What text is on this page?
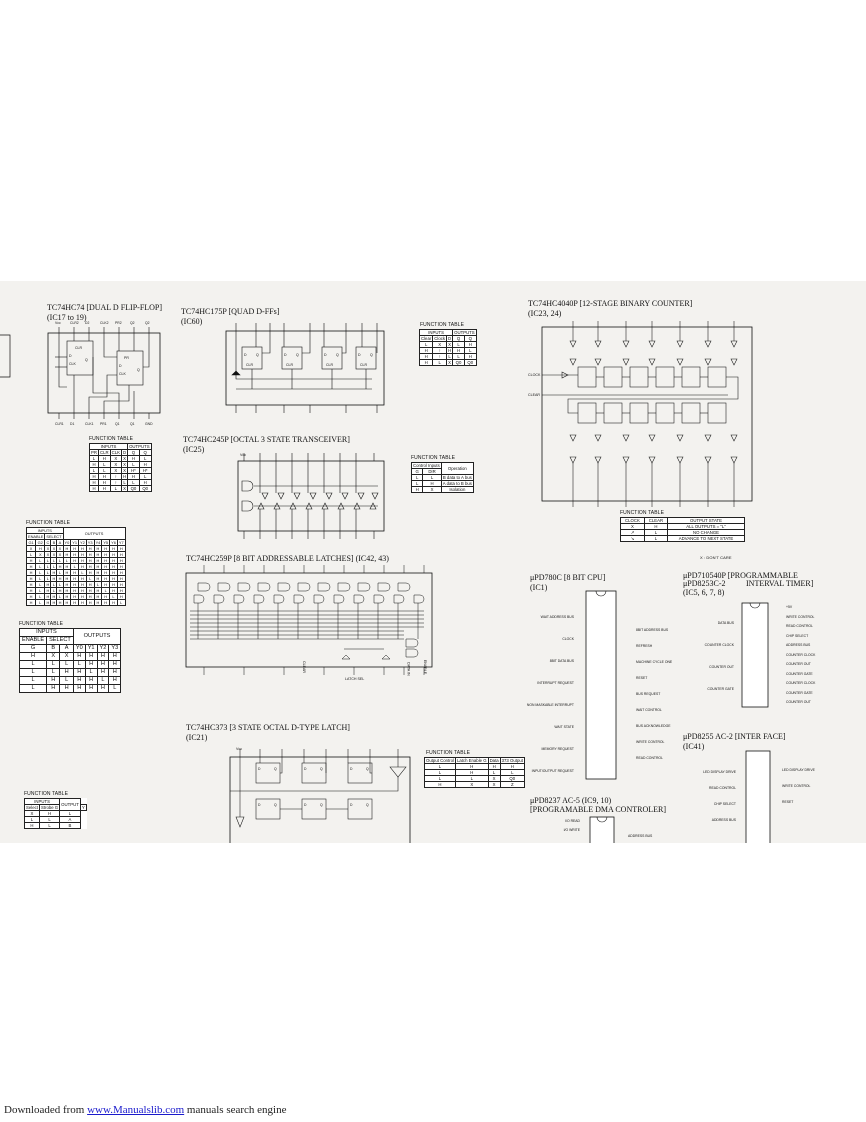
TC74HC74 [DUAL D FLIP-FLOP]
(IC17 to 19)
CLR
D
CLK
Q	PR
D
CLK
Q
FUNCTION TABLE
INPUTS				OUTPUTS	
PR	CLR	CLK	D	Q	Q
L	H	X	X	H	L
H	L	X	X	L	H
L	L	X	X	H*	H*
H	H	↑	H	H	L
H	H	↑	L	L	H
H	H	L	X	Q0	Q0
TC74HC175P [QUAD D-FFs]
(IC60)
D	Q
CLR
D	Q
CLR
D	Q
CLR
D	Q
CLR
FUNCTION TABLE
INPUTS			OUTPUTS	
Clear	Clock	D	Q	Q
L	X	X	L	H
H	↑	H	H	L
H	↑	L	L	H
H	L	X	Q0	Q0
TC74HC245P [OCTAL 3 STATE TRANSCEIVER]
(IC25)
Vcc	FUNCTION TABLE
Control Inputs		Operation
G	DIR	
L	L	B data to A bus
L	H	A data to B bus
H	X	Isolation
TC74HC4040P [12-STAGE BINARY COUNTER]
(IC23, 24)
CLOCK
CLEAR
FUNCTION TABLE
CLOCK	CLEAR	OUTPUT STATE
X	H	ALL OUTPUTS = "L"
↗	L	NO CHANGE
↘	L	ADVANCE TO NEXT STATE
X : DON'T CARE
FUNCTION TABLE
INPUTS					OUTPUTS							
ENABLE		SELECT										
G1	G2	C	B	A	Y0	Y1	Y2	Y3	Y4	Y5	Y6	Y7
X	H	X	X	X	H	H	H	H	H	H	H	H
L	X	X	X	X	H	H	H	H	H	H	H	H
H	L	L	L	L	L	H	H	H	H	H	H	H
H	L	L	L	H	H	L	H	H	H	H	H	H
H	L	L	H	L	H	H	L	H	H	H	H	H
H	L	L	H	H	H	H	H	L	H	H	H	H
H	L	H	L	L	H	H	H	H	L	H	H	H
H	L	H	L	H	H	H	H	H	H	L	H	H
H	L	H	H	L	H	H	H	H	H	H	L	H
H	L	H	H	H	H	H	H	H	H	H	H	L
FUNCTION TABLE
INPUTS			OUTPUTS			
ENABLE	SELECT					
G	B	A	Y0	Y1	Y2	Y3
H	X	X	H	H	H	H
L	L	L	L	H	H	H
L	L	H	H	L	H	H
L	H	L	H	H	L	H
L	H	H	H	H	H	L
FUNCTION TABLE
INPUTS		OUTPUT	
Select	Strobe G		Y
X	H	L	
L	L	A	
H	L	B	
TC74HC259P [8 BIT ADDRESSABLE LATCHES] (IC42, 43)
LATCH SEL
CLEAR	DATA IN	ENABLE
TC74HC373 [3 STATE OCTAL D-TYPE LATCH]
(IC21)
D	Q	D	Q	D	Q
D	Q	D	Q	D	Q
Vcc
FUNCTION TABLE
Output Control	Latch Enable G	Data	373 Output
L	H	H	H
L	H	L	L
L	L	X	Q0
H	X	X	Z
μPD780C [8 BIT CPU]
(IC1)
μPD710540P [PROGRAMMABLE
μPD8253C-2	INTERVAL TIMER]
(IC5, 6, 7, 8)
μPD8255 AC-2 [INTER FACE]
(IC41)
μPD8237 AC-5 (IC9, 10)
[PROGRAMABLE DMA CONTROLER]
WAIT ADDRESS BUS
CLOCK
8BIT DATA BUS
INTERRUPT REQUEST
NON MASKABLE INTERRUPT
WAIT STATE
MEMORY REQUEST
INPUT/OUTPUT REQUEST
8BIT ADDRESS BUS
REFRESH
MACHINE CYCLE ONE
RESET
BUS REQUEST
WAIT CONTROL
BUS ACKNOWLEDGE
WRITE CONTROL
READ CONTROL
DATA BUS
COUNTER CLOCK
COUNTER OUT
COUNTER GATE
+5V
WRITE CONTROL
READ CONTROL
CHIP SELECT
ADDRESS BUS
COUNTER CLOCK
COUNTER OUT
COUNTER GATE
COUNTER CLOCK
COUNTER GATE
COUNTER OUT
LED DISPLAY DRIVE
READ CONTROL
CHIP SELECT
ADDRESS BUS
LED DISPLAY DRIVE
WRITE CONTROL
RESET
I/O READ
I/O WRITE
ADDRESS BUS
Vcc	CLR2 D2	CLK2 PR2 Q2	Q2
CLR1 D1	CLK1 PR1 Q1	Q1	GND
Downloaded from www.Manualslib.com manuals search engine
